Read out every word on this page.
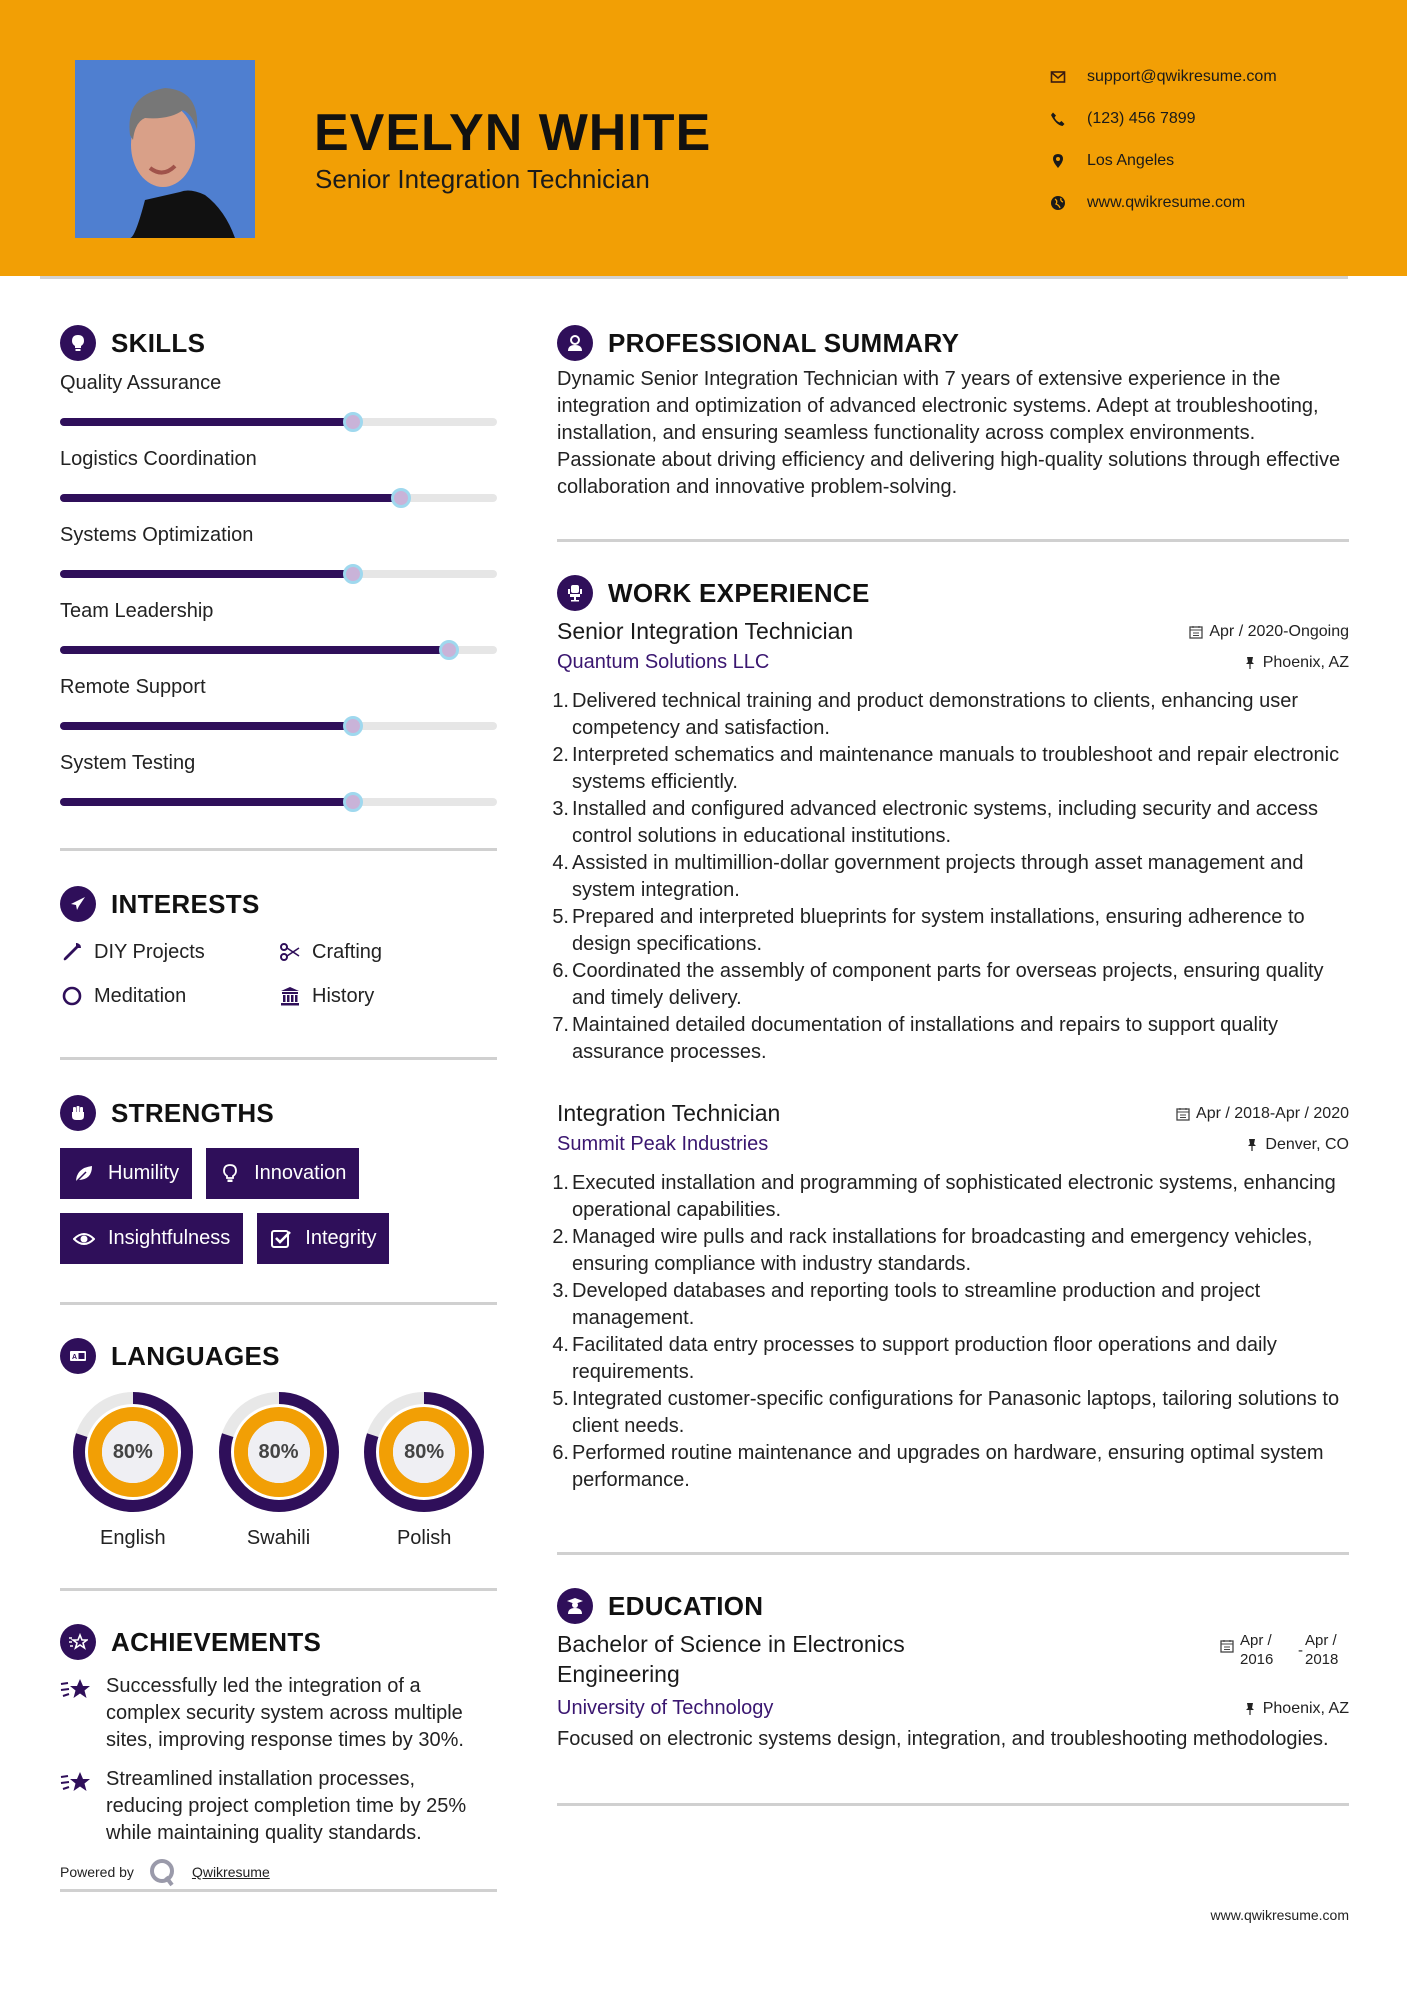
EVELYN WHITE
Senior Integration Technician
support@qwikresume.com
(123) 456 7899
Los Angeles
www.qwikresume.com
SKILLS
Quality Assurance
Logistics Coordination
Systems Optimization
Team Leadership
Remote Support
System Testing
INTERESTS
DIY Projects	Crafting
Meditation	History
STRENGTHS
Humility	Innovation
Insightfulness	Integrity
A LANGUAGES
80%
English
80%
Swahili
80%
Polish
ACHIEVEMENTS
Successfully led the integration of a complex security system across multiple sites, improving response times by 30%.
Streamlined installation processes, reducing project completion time by 25% while maintaining quality standards.
Powered by	Qwikresume
PROFESSIONAL SUMMARY

Dynamic Senior Integration Technician with 7 years of extensive experience in the integration and optimization of advanced electronic systems. Adept at troubleshooting, installation, and ensuring seamless functionality across complex environments. Passionate about driving efficiency and delivering high-quality solutions through effective collaboration and innovative problem-solving.

WORK EXPERIENCE
Senior Integration Technician	Apr / 2020-Ongoing
Quantum Solutions LLC	Phoenix, AZ
1. Delivered technical training and product demonstrations to clients, enhancing user competency and satisfaction.
2. Interpreted schematics and maintenance manuals to troubleshoot and repair electronic systems efficiently.
3. Installed and configured advanced electronic systems, including security and access control solutions in educational institutions.
4. Assisted in multimillion-dollar government projects through asset management and system integration.
5. Prepared and interpreted blueprints for system installations, ensuring adherence to design specifications.
6. Coordinated the assembly of component parts for overseas projects, ensuring quality and timely delivery.
7. Maintained detailed documentation of installations and repairs to support quality assurance processes.
Integration Technician	Apr / 2018-Apr / 2020
Summit Peak Industries	Denver, CO
1. Executed installation and programming of sophisticated electronic systems, enhancing operational capabilities.
2. Managed wire pulls and rack installations for broadcasting and emergency vehicles, ensuring compliance with industry standards.
3. Developed databases and reporting tools to streamline production and project management.
4. Facilitated data entry processes to support production floor operations and daily requirements.
5. Integrated customer-specific configurations for Panasonic laptops, tailoring solutions to client needs.
6. Performed routine maintenance and upgrades on hardware, ensuring optimal system performance.
EDUCATION
Bachelor of Science in Electronics Engineering
Apr / 2016
-
Apr / 2018
University of Technology	Phoenix, AZ

Focused on electronic systems design, integration, and troubleshooting methodologies.

www.qwikresume.com
